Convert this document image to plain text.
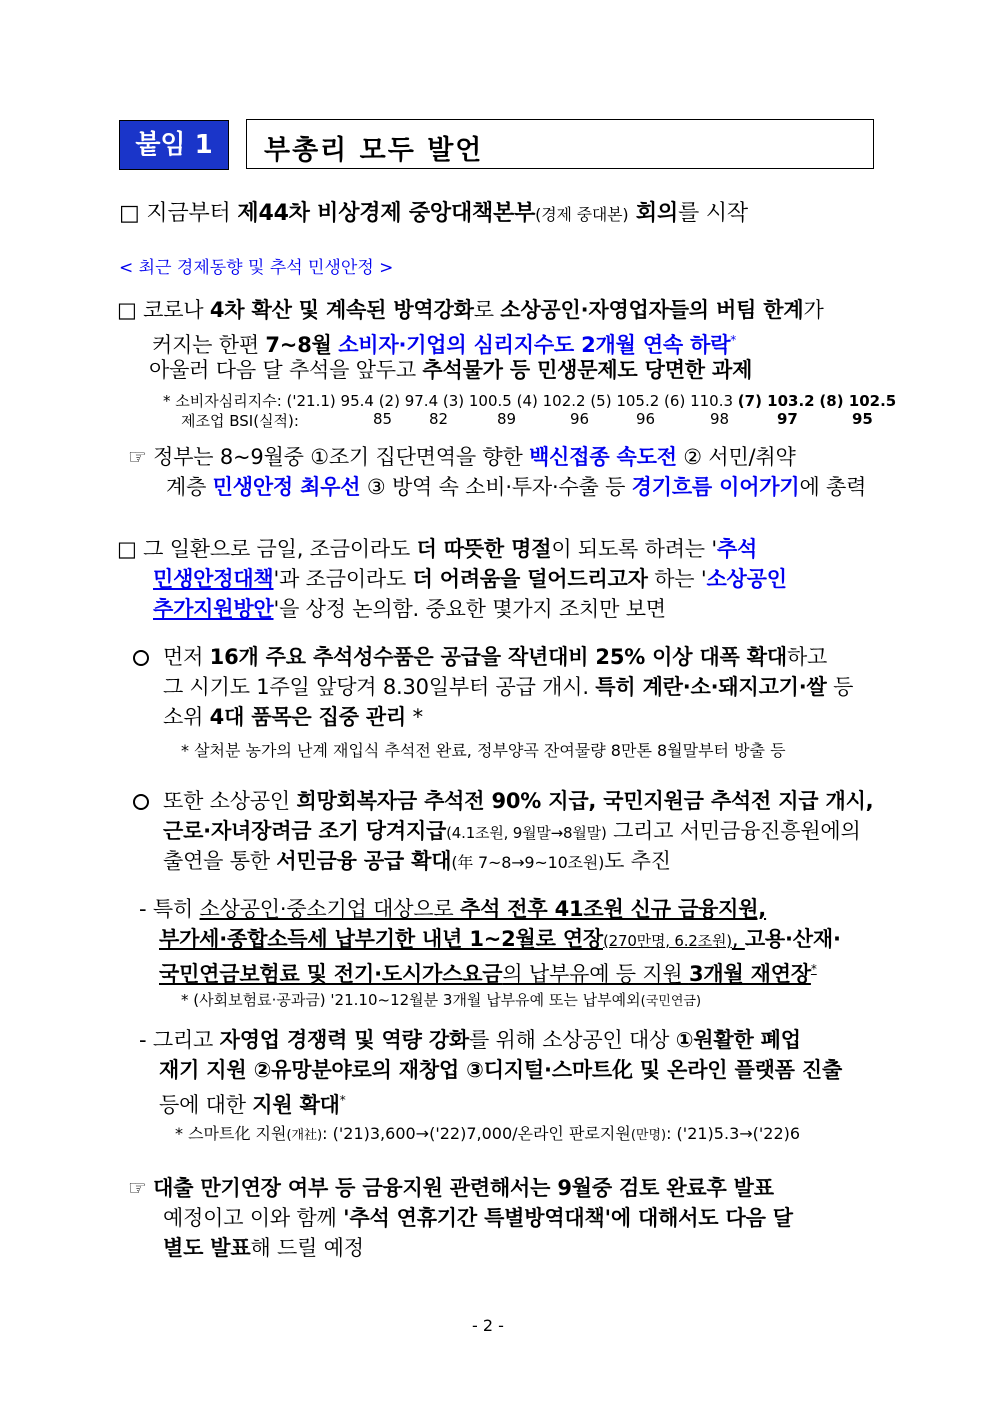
붙임 1	부총리 모두 발언
□ 지금부터 제44차 비상경제 중앙대책본부(경제 중대본) 회의를 시작
< 최근 경제동향 및 추석 민생안정 >
□ 코로나 4차 확산 및 계속된 방역강화로 소상공인·자영업자들의 버팀 한계가
커지는 한편 7~8월 소비자·기업의 심리지수도 2개월 연속 하락*
아울러 다음 달 추석을 앞두고 추석물가 등 민생문제도 당면한 과제
* 소비자심리지수: ('21.1) 95.4 (2) 97.4 (3) 100.5 (4) 102.2 (5) 105.2 (6) 110.3 (7) 103.2 (8) 102.5
제조업 BSI(실적):	85 82	89	96	96	98	97	95
☞ 정부는 8~9월중 ①조기 집단면역을 향한 백신접종 속도전 ② 서민/취약
계층 민생안정 최우선 ③ 방역 속 소비·투자·수출 등 경기흐름 이어가기에 총력
□ 그 일환으로 금일, 조금이라도 더 따뜻한 명절이 되도록 하려는 '추석
민생안정대책'과 조금이라도 더 어려움을 덜어드리고자 하는 '소상공인
추가지원방안'을 상정 논의함. 중요한 몇가지 조치만 보면
먼저 16개 주요 추석성수품은 공급을 작년대비 25% 이상 대폭 확대하고
그 시기도 1주일 앞당겨 8.30일부터 공급 개시. 특히 계란·소·돼지고기·쌀 등
소위 4대 품목은 집중 관리 *
* 살처분 농가의 난계 재입식 추석전 완료, 정부양곡 잔여물량 8만톤 8월말부터 방출 등
또한 소상공인 희망회복자금 추석전 90% 지급, 국민지원금 추석전 지급 개시,
근로·자녀장려금 조기 당겨지급(4.1조원, 9월말→8월말) 그리고 서민금융진흥원에의
출연을 통한 서민금융 공급 확대(年 7~8→9~10조원)도 추진
- 특히 소상공인·중소기업 대상으로 추석 전후 41조원 신규 금융지원,
부가세·종합소득세 납부기한 내년 1~2월로 연장(270만명, 6.2조원), 고용·산재·
국민연금보험료 및 전기·도시가스요금의 납부유예 등 지원 3개월 재연장*
* (사회보험료·공과금) '21.10~12월분 3개월 납부유예 또는 납부예외(국민연금)
- 그리고 자영업 경쟁력 및 역량 강화를 위해 소상공인 대상 ①원활한 폐업
재기 지원 ②유망분야로의 재창업 ③디지털·스마트化 및 온라인 플랫폼 진출
등에 대한 지원 확대*
* 스마트化 지원(개社): ('21)3,600→('22)7,000/온라인 판로지원(만명): ('21)5.3→('22)6
☞ 대출 만기연장 여부 등 금융지원 관련해서는 9월중 검토 완료후 발표
예정이고 이와 함께 '추석 연휴기간 특별방역대책'에 대해서도 다음 달
별도 발표해 드릴 예정
- 2 -
